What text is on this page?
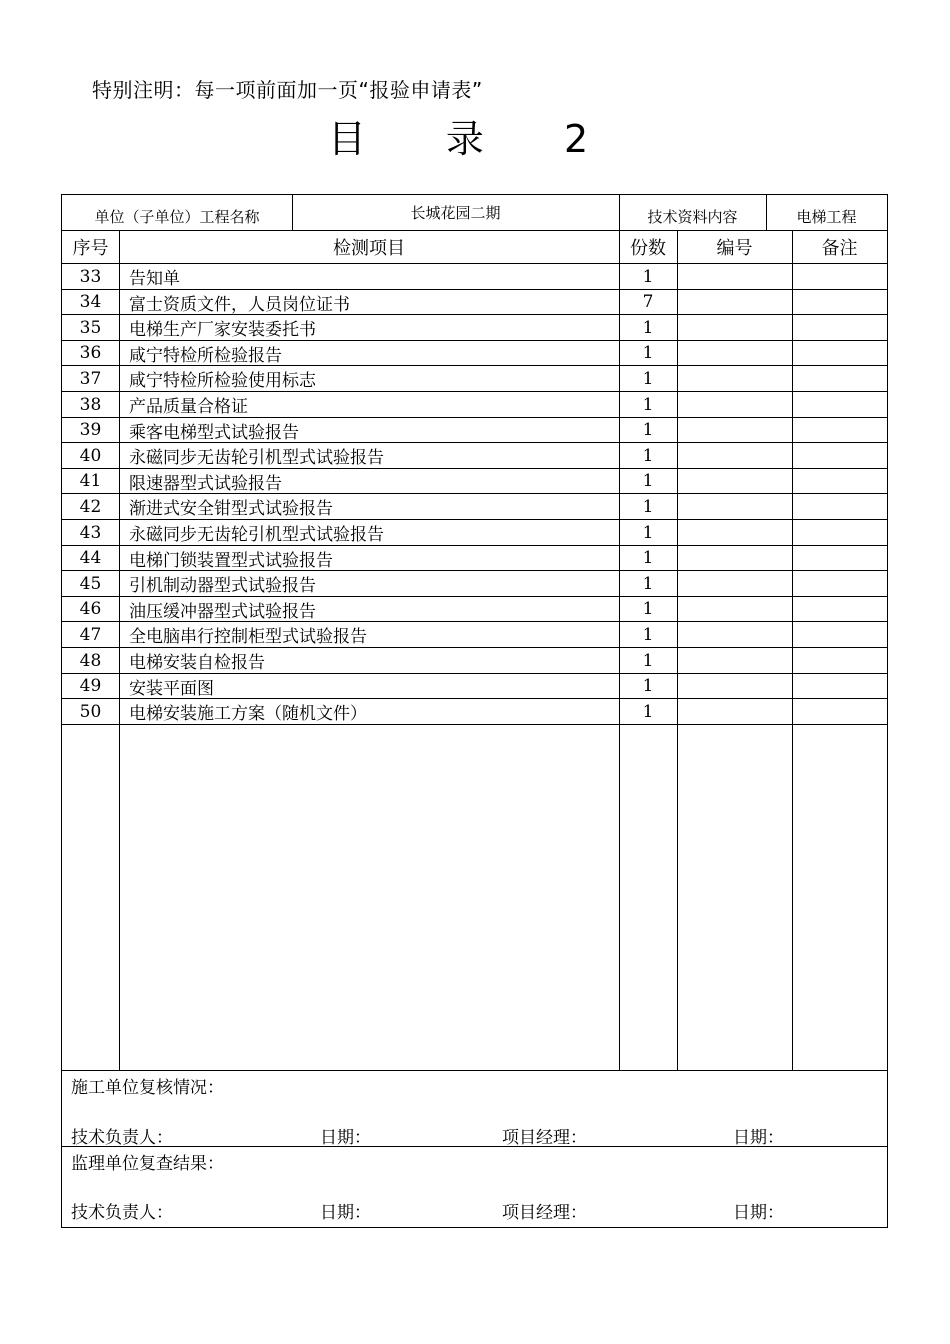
特别注明：每一项前面加一页“报验申请表”
目 录 2
单位（子单位）工程名称	长城花园二期	技术资料内容	电梯工程
序号	检测项目	份数	编号	备注
33	告知单	1
34	富士资质文件，人员岗位证书	7
35	电梯生产厂家安装委托书	1
36	咸宁特检所检验报告	1
37	咸宁特检所检验使用标志	1
38	产品质量合格证	1
39	乘客电梯型式试验报告	1
40	永磁同步无齿轮引机型式试验报告	1
41	限速器型式试验报告	1
42	渐进式安全钳型式试验报告	1
43	永磁同步无齿轮引机型式试验报告	1
44	电梯门锁装置型式试验报告	1
45	引机制动器型式试验报告	1
46	油压缓冲器型式试验报告	1
47	全电脑串行控制柜型式试验报告	1
48	电梯安装自检报告	1
49	安装平面图	1
50	电梯安装施工方案（随机文件）	1
施工单位复核情况：
技术负责人：	日期：	项目经理：	日期：
监理单位复查结果：
技术负责人：	日期：	项目经理：	日期：
